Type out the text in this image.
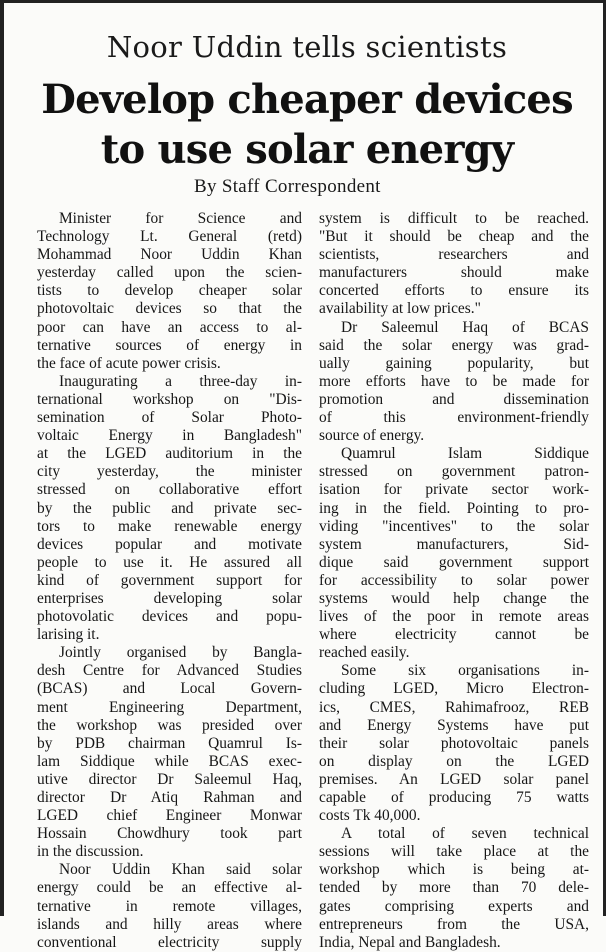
Noor Uddin tells scientists
Develop cheaper devices
to use solar energy
By Staff Correspondent
Minister for Science and
Technology Lt. General (retd)
Mohammad Noor Uddin Khan
yesterday called upon the scien-
tists to develop cheaper solar
photovoltaic devices so that the
poor can have an access to al-
ternative sources of energy in
the face of acute power crisis.
Inaugurating a three-day in-
ternational workshop on "Dis-
semination of Solar Photo-
voltaic Energy in Bangladesh"
at the LGED auditorium in the
city yesterday, the minister
stressed on collaborative effort
by the public and private sec-
tors to make renewable energy
devices popular and motivate
people to use it. He assured all
kind of government support for
enterprises developing solar
photovolatic devices and popu-
larising it.
Jointly organised by Bangla-
desh Centre for Advanced Studies
(BCAS) and Local Govern-
ment Engineering Department,
the workshop was presided over
by PDB chairman Quamrul Is-
lam Siddique while BCAS exec-
utive director Dr Saleemul Haq,
director Dr Atiq Rahman and
LGED chief Engineer Monwar
Hossain Chowdhury took part
in the discussion.
Noor Uddin Khan said solar
energy could be an effective al-
ternative in remote villages,
islands and hilly areas where
conventional electricity supply
system is difficult to be reached.
"But it should be cheap and the
scientists, researchers and
manufacturers should make
concerted efforts to ensure its
availability at low prices."
Dr Saleemul Haq of BCAS
said the solar energy was grad-
ually gaining popularity, but
more efforts have to be made for
promotion and dissemination
of this environment-friendly
source of energy.
Quamrul Islam Siddique
stressed on government patron-
isation for private sector work-
ing in the field. Pointing to pro-
viding "incentives" to the solar
system manufacturers, Sid-
dique said government support
for accessibility to solar power
systems would help change the
lives of the poor in remote areas
where electricity cannot be
reached easily.
Some six organisations in-
cluding LGED, Micro Electron-
ics, CMES, Rahimafrooz, REB
and Energy Systems have put
their solar photovoltaic panels
on display on the LGED
premises. An LGED solar panel
capable of producing 75 watts
costs Tk 40,000.
A total of seven technical
sessions will take place at the
workshop which is being at-
tended by more than 70 dele-
gates comprising experts and
entrepreneurs from the USA,
India, Nepal and Bangladesh.
